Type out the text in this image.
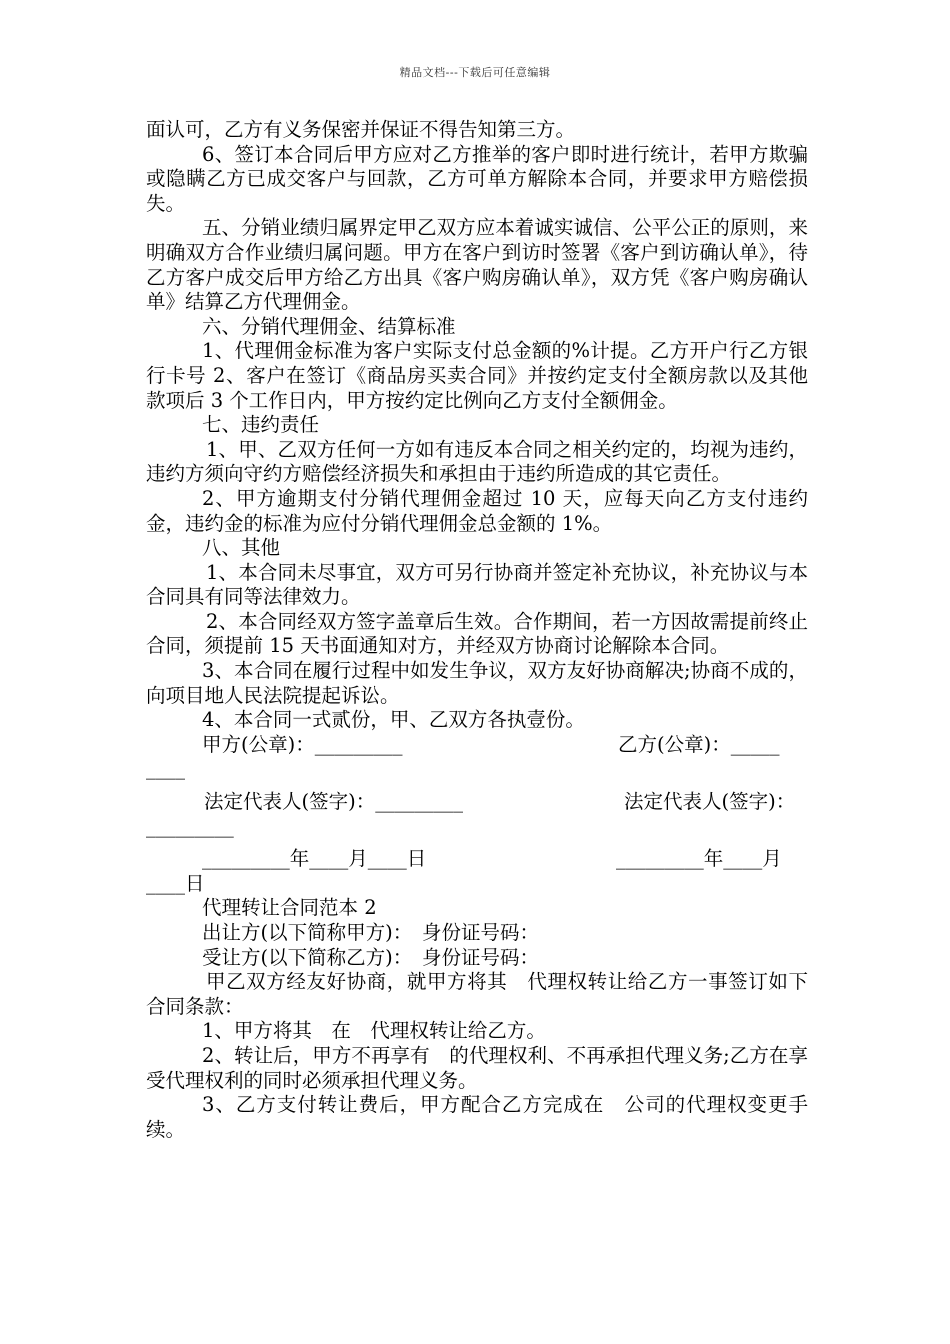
精品文档---下载后可任意编辑

面认可，乙方有义务保密并保证不得告知第三方。

6、签订本合同后甲方应对乙方推举的客户即时进行统计，若甲方欺骗或隐瞒乙方已成交客户与回款，乙方可单方解除本合同，并要求甲方赔偿损失。

五、分销业绩归属界定甲乙双方应本着诚实诚信、公平公正的原则，来明确双方合作业绩归属问题。甲方在客户到访时签署《客户到访确认单》，待乙方客户成交后甲方给乙方出具《客户购房确认单》，双方凭《客户购房确认单》结算乙方代理佣金。

六、分销代理佣金、结算标准

1、代理佣金标准为客户实际支付总金额的%计提。乙方开户行乙方银行卡号 2、客户在签订《商品房买卖合同》并按约定支付全额房款以及其他款项后 3 个工作日内，甲方按约定比例向乙方支付全额佣金。

七、违约责任

1、甲、乙双方任何一方如有违反本合同之相关约定的，均视为违约，违约方须向守约方赔偿经济损失和承担由于违约所造成的其它责任。

2、甲方逾期支付分销代理佣金超过 10 天，应每天向乙方支付违约金，违约金的标准为应付分销代理佣金总金额的 1%。

八、其他

1、本合同未尽事宜，双方可另行协商并签定补充协议，补充协议与本合同具有同等法律效力。

2、本合同经双方签字盖章后生效。合作期间，若一方因故需提前终止合同，须提前 15 天书面通知对方，并经双方协商讨论解除本合同。

3、本合同在履行过程中如发生争议，双方友好协商解决;协商不成的，向项目地人民法院提起诉讼。

4、本合同一式贰份，甲、乙双方各执壹份。

甲方(公章)：_________	乙方(公章)：_____
____
法定代表人(签字)：_________	法定代表人(签字)：
_________
_________年____月____日	_________年____月
____日

代理转让合同范本 2

出让方(以下简称甲方)：　身份证号码：

受让方(以下简称乙方)：　身份证号码：

甲乙双方经友好协商，就甲方将其　代理权转让给乙方一事签订如下合同条款：

1、甲方将其　在　代理权转让给乙方。

2、转让后，甲方不再享有　的代理权利、不再承担代理义务;乙方在享受代理权利的同时必须承担代理义务。

3、乙方支付转让费后，甲方配合乙方完成在　公司的代理权变更手续。
